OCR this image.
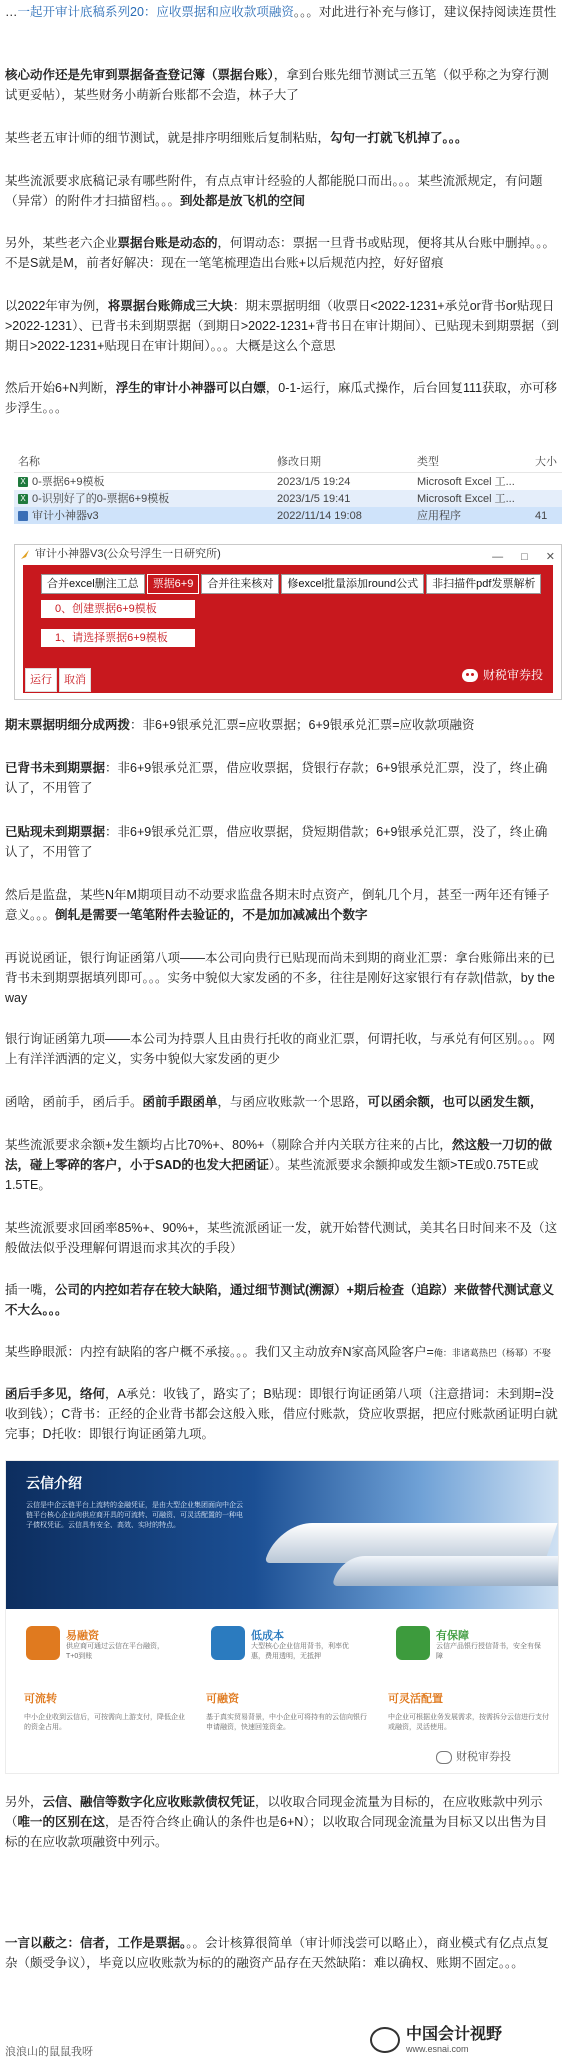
…一起开审计底稿系列20：应收票据和应收款项融资。。。对此进行补充与修订，建议保持阅读连贯性

核心动作还是先审到票据备查登记簿（票据台账），拿到台账先细节测试三五笔（似乎称之为穿行测试更妥帖），某些财务小萌新台账都不会造，林子大了

某些老五审计师的细节测试，就是排序明细账后复制粘贴，勾句一打就飞机掉了。。。

某些流派要求底稿记录有哪些附件，有点点审计经验的人都能脱口而出。。。某些流派规定，有问题（异常）的附件才扫描留档。。。到处都是放飞机的空间

另外，某些老六企业票据台账是动态的，何谓动态：票据一旦背书或贴现，便将其从台账中删掉。。。不是S就是M，前者好解决：现在一笔笔梳理造出台账+以后规范内控，好好留痕

以2022年审为例，将票据台账筛成三大块：期末票据明细（收票日<2022-1231+承兑or背书or贴现日>2022-1231）、已背书未到期票据（到期日>2022-1231+背书日在审计期间）、已贴现未到期票据（到期日>2022-1231+贴现日在审计期间）。。。大概是这么个意思

然后开始6+N判断，浮生的审计小神器可以白嫖，0-1-运行，麻瓜式操作，后台回复111获取，亦可移步浮生。。。

名称	修改日期	类型	大小
X 0-票据6+9模板	2023/1/5 19:24	Microsoft Excel 工...
X 0-识别好了的0-票据6+9模板	2023/1/5 19:41	Microsoft Excel 工...
审计小神器v3	2022/11/14 19:08	应用程序	41
审计小神器V3(公众号浮生一日研究所)	— □ ✕
合并excel删注工总	票据6+9	合并往来核对	修excel批量添加round公式	非扫描件pdf发票解析
0、创建票据6+9模板
1、请选择票据6+9模板
运行	取消	财税审券投

期末票据明细分成两拨：非6+9银承兑汇票=应收票据；6+9银承兑汇票=应收款项融资

已背书未到期票据：非6+9银承兑汇票，借应收票据，贷银行存款；6+9银承兑汇票，没了，终止确认了，不用管了

已贴现未到期票据：非6+9银承兑汇票，借应收票据，贷短期借款；6+9银承兑汇票，没了，终止确认了，不用管了

然后是监盘，某些N年M期项目动不动要求监盘各期末时点资产，倒轧几个月，甚至一两年还有锤子意义。。。倒轧是需要一笔笔附件去验证的，不是加加减减出个数字

再说说函证，银行询证函第八项——本公司向贵行已贴现而尚未到期的商业汇票：拿台账筛出来的已背书未到期票据填列即可。。。实务中貌似大家发函的不多，往往是刚好这家银行有存款|借款，by the way

银行询证函第九项——本公司为持票人且由贵行托收的商业汇票，何谓托收，与承兑有何区别。。。网上有洋洋洒洒的定义，实务中貌似大家发函的更少

函啥，函前手，函后手。函前手跟函单，与函应收账款一个思路，可以函余额，也可以函发生额，

某些流派要求余额+发生额均占比70%+、80%+（剔除合并内关联方往来的占比，然这般一刀切的做法，碰上零碎的客户，小于SAD的也发大把函证）。某些流派要求余额抑或发生额>TE或0.75TE或1.5TE。

某些流派要求回函率85%+、90%+，某些流派函证一发，就开始替代测试，美其名日时间来不及（这般做法似乎没理解何谓退而求其次的手段）

插一嘴，公司的内控如若存在较大缺陷，通过细节测试(溯源）+期后检查（追踪）来做替代测试意义不大么。。。

某些睁眼派：内控有缺陷的客户概不承接。。。我们又主动放弃N家高风险客户=俺：非诸葛热巴（杨幂）不娶

函后手多见，络何，A承兑：收钱了，路实了；B贴现：即银行询证函第八项（注意措词：未到期=没收到钱）；C背书：正经的企业背书都会这般入账，借应付账款，贷应收票据，把应付账款函证明白就完事；D托收：即银行询证函第九项。

云信介绍
云信是中企云链平台上流转的金融凭证，是由大型企业集团面向中企云链平台核心企业向供应商开具的可流转、可融资、可灵活配置的一种电子债权凭证。云信具有安全、高效、实时的特点。
易融资
供应商可通过云信在平台融资，T+0到账
低成本
大型核心企业信用背书，利率优惠，费用透明，无抵押
有保障
云信产品银行授信背书，安全有保障
可流转
中小企业收到云信后，可按需向上游支付，降低企业的资金占用。
可融资
基于真实贸易背景，中小企业可将持有的云信向银行申请融资，快速回笼资金。
可灵活配置
中企业可根据业务发展需求，按需拆分云信进行支付或融资，灵活使用。
财税审券投

另外，云信、融信等数字化应收账款债权凭证，以收取合同现金流量为目标的，在应收账款中列示（唯一的区别在这，是否符合终止确认的条件也是6+N）；以收取合同现金流量为目标又以出售为目标的在应收款项融资中列示。

一言以蔽之：信者，工作是票据。。。会计核算很简单（审计师浅尝可以略止），商业模式有亿点点复杂（颇受争议），毕竟以应收账款为标的的融资产品存在天然缺陷：难以确权、账期不固定。。。

浪浪山的鼠鼠我呀
中国会计视野
www.esnai.com
